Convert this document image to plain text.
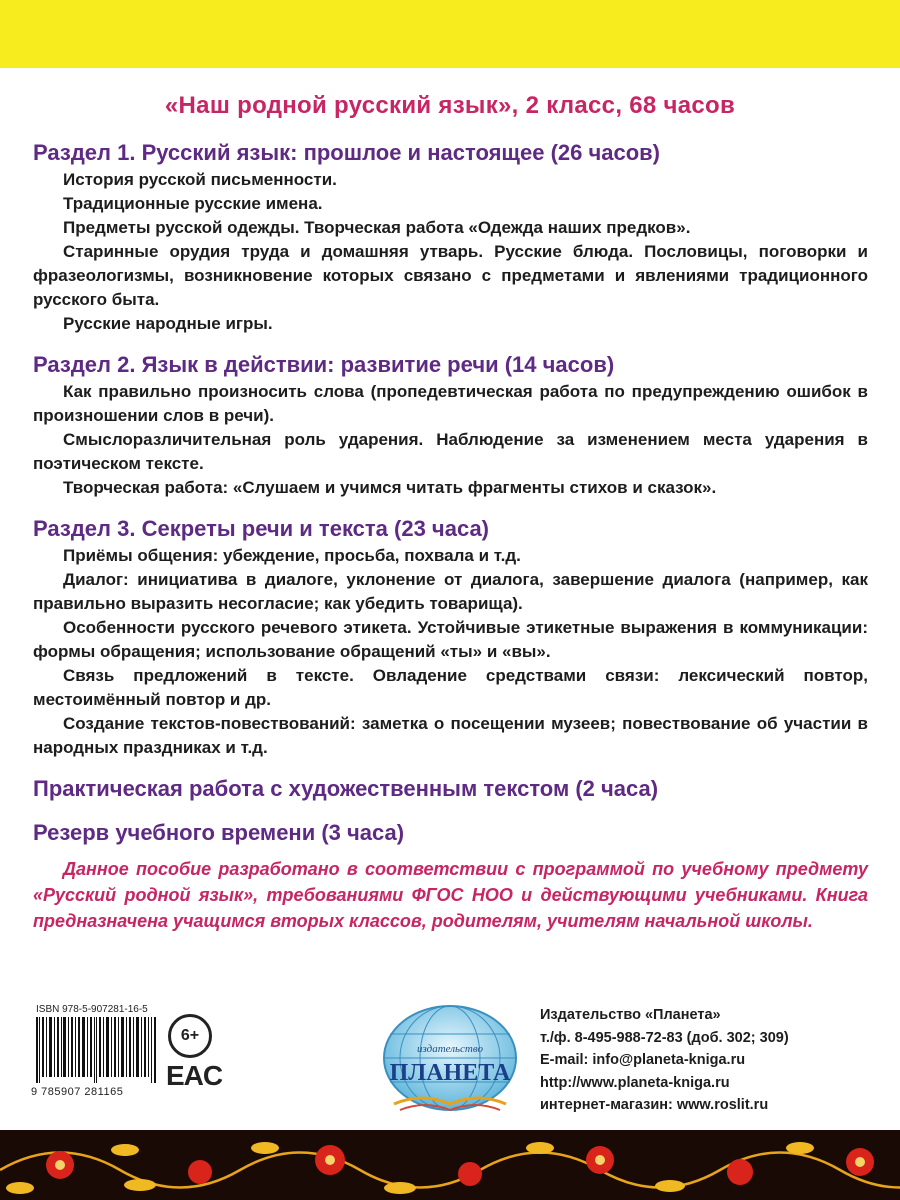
«Наш родной русский язык», 2 класс, 68 часов
Раздел 1. Русский язык: прошлое и настоящее (26 часов)
История русской письменности.
Традиционные русские имена.
Предметы русской одежды. Творческая работа «Одежда наших предков».
Старинные орудия труда и домашняя утварь. Русские блюда. Пословицы, поговорки и фразеологизмы, возникновение которых связано с предметами и явлениями традиционного русского быта.
Русские народные игры.
Раздел 2. Язык в действии: развитие речи (14 часов)
Как правильно произносить слова (пропедевтическая работа по предупреждению ошибок в произношении слов в речи).
Смыслоразличительная роль ударения. Наблюдение за изменением места ударения в поэтическом тексте.
Творческая работа: «Слушаем и учимся читать фрагменты стихов и сказок».
Раздел 3. Секреты речи и текста (23 часа)
Приёмы общения: убеждение, просьба, похвала и т.д.
Диалог: инициатива в диалоге, уклонение от диалога, завершение диалога (например, как правильно выразить несогласие; как убедить товарища).
Особенности русского речевого этикета. Устойчивые этикетные выражения в коммуникации: формы обращения; использование обращений «ты» и «вы».
Связь предложений в тексте. Овладение средствами связи: лексический повтор, местоимённый повтор и др.
Создание текстов-повествований: заметка о посещении музеев; повествование об участии в народных праздниках и т.д.
Практическая работа с художественным текстом (2 часа)
Резерв учебного времени (3 часа)
Данное пособие разработано в соответствии с программой по учебному предмету «Русский родной язык», требованиями ФГОС НОО и действующими учебниками. Книга предназначена учащимся вторых классов, родителям, учителям начальной школы.
ISBN 978-5-907281-16-5
9 785907 281165
6+
EAC
издательство
ПЛАНЕТА
Издательство «Планета»
т./ф. 8-495-988-72-83 (доб. 302; 309)
E-mail: info@planeta-kniga.ru
http://www.planeta-kniga.ru
интернет-магазин: www.roslit.ru
